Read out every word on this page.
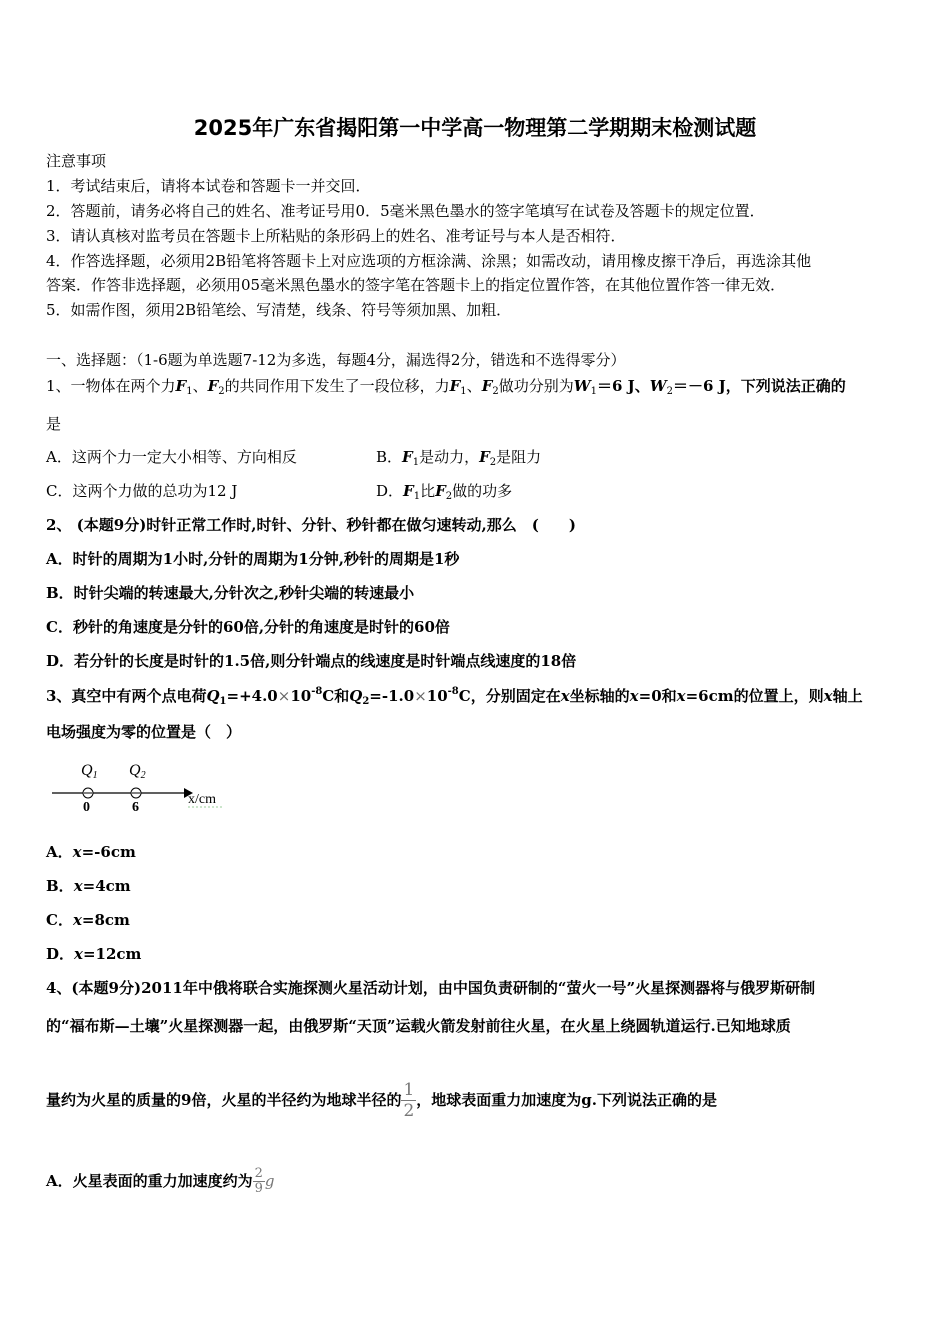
2025年广东省揭阳第一中学高一物理第二学期期末检测试题
注意事项
1．考试结束后，请将本试卷和答题卡一并交回．
2．答题前，请务必将自己的姓名、准考证号用0．5毫米黑色墨水的签字笔填写在试卷及答题卡的规定位置．
3．请认真核对监考员在答题卡上所粘贴的条形码上的姓名、准考证号与本人是否相符．
4．作答选择题，必须用2B铅笔将答题卡上对应选项的方框涂满、涂黑；如需改动，请用橡皮擦干净后，再选涂其他
答案．作答非选择题，必须用05毫米黑色墨水的签字笔在答题卡上的指定位置作答，在其他位置作答一律无效．
5．如需作图，须用2B铅笔绘、写清楚，线条、符号等须加黑、加粗．
一、选择题：（1-6题为单选题7-12为多选，每题4分，漏选得2分，错选和不选得零分）
1、一物体在两个力$F_1$、$F_2$的共同作用下发生了一段位移，力$F_1$、$F_2$做功分别为$W_1=6$ J、$W_2=-6$ J，下列说法正确的
是
A．这两个力一定大小相等、方向相反	B．$F_1$是动力，$F_2$是阻力
C．这两个力做的总功为12 J	D．$F_1$比$F_2$做的功多
2、 (本题9分)时针正常工作时,时针、分针、秒针都在做匀速转动,那么　(　　)
A．时针的周期为1小时,分针的周期为1分钟,秒针的周期是1秒
B．时针尖端的转速最大,分针次之,秒针尖端的转速最小
C．秒针的角速度是分针的60倍,分针的角速度是时针的60倍
D．若分针的长度是时针的1.5倍,则分针端点的线速度是时针端点线速度的18倍
3、真空中有两个点电荷$Q_1=+4.0\times 10^{-8}C$和$Q_2=-1.0\times 10^{-8}C$，分别固定在x坐标轴的x=0和x=6cm的位置上，则x轴上
电场强度为零的位置是（　）
Q1 Q2
0	6
x/cm
A．x=-6cm
B．x=4cm
C．x=8cm
D．x=12cm
4、(本题9分)2011年中俄将联合实施探测火星活动计划，由中国负责研制的“萤火一号”火星探测器将与俄罗斯研制
的“福布斯—土壤”火星探测器一起，由俄罗斯“天顶”运载火箭发射前往火星，在火星上绕圆轨道运行.已知地球质
量约为火星的质量的9倍，火星的半径约为地球半径的 $\frac{1}{2}$ ，地球表面重力加速度为g.下列说法正确的是
A．火星表面的重力加速度约为 $\frac{2}{9}$ g
